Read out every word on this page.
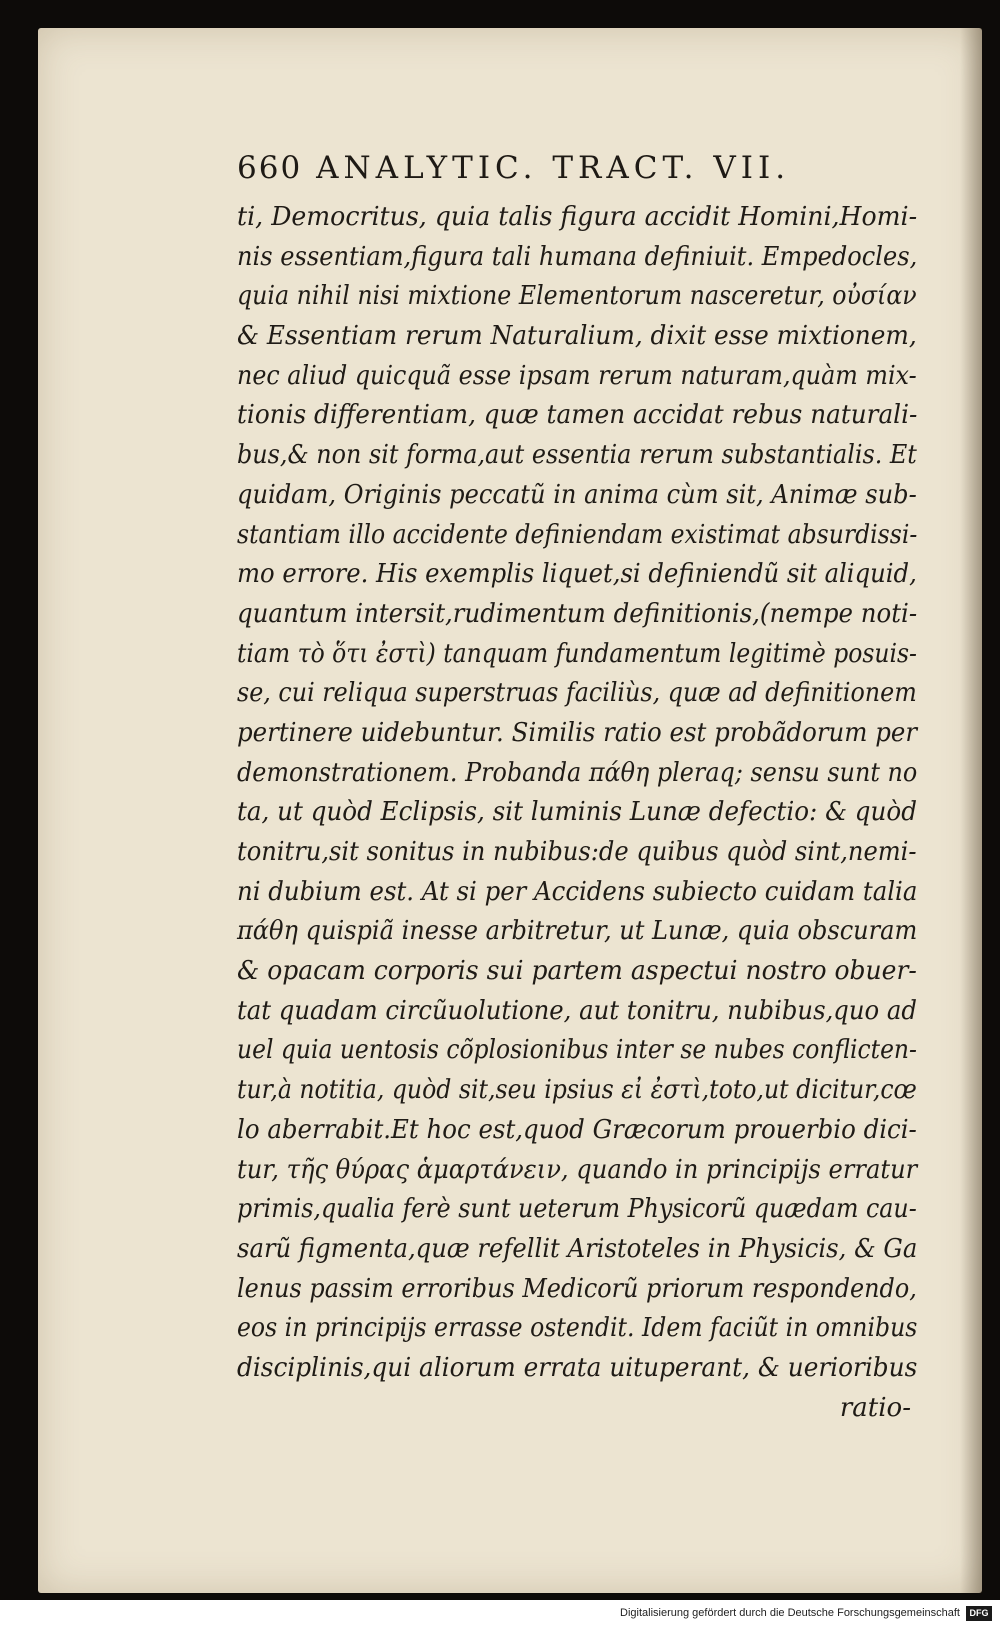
660 ANALYTIC. TRACT. VII.
ti, Democritus, quia talis figura accidit Homini,Homi-
nis essentiam,figura tali humana definiuit. Empedocles,
quia nihil nisi mixtione Elementorum nasceretur, οὐσίαν
& Essentiam rerum Naturalium, dixit esse mixtionem,
nec aliud quicquã esse ipsam rerum naturam,quàm mix-
tionis differentiam, quæ tamen accidat rebus naturali-
bus,& non sit forma,aut essentia rerum substantialis. Et
quidam, Originis peccatũ in anima cùm sit, Animæ sub-
stantiam illo accidente definiendam existimat absurdissi-
mo errore. His exemplis liquet,si definiendũ sit aliquid,
quantum intersit,rudimentum definitionis,(nempe noti-
tiam τὸ ὅτι ἐστὶ) tanquam fundamentum legitimè posuis-
se, cui reliqua superstruas faciliùs, quæ ad definitionem
pertinere uidebuntur. Similis ratio est probãdorum per
demonstrationem. Probanda πάθη pleraq; sensu sunt no
ta, ut quòd Eclipsis, sit luminis Lunæ defectio: & quòd
tonitru,sit sonitus in nubibus:de quibus quòd sint,nemi-
ni dubium est. At si per Accidens subiecto cuidam talia
πάθη quispiã inesse arbitretur, ut Lunæ, quia obscuram
& opacam corporis sui partem aspectui nostro obuer-
tat quadam circũuolutione, aut tonitru, nubibus,quo ad
uel quia uentosis cõplosionibus inter se nubes conflicten-
tur,à notitia, quòd sit,seu ipsius εἰ ἐστὶ,toto,ut dicitur,cœ
lo aberrabit.Et hoc est,quod Græcorum prouerbio dici-
tur, τῆς θύρας ἁμαρτάνειν, quando in principijs erratur
primis,qualia ferè sunt ueterum Physicorũ quædam cau-
sarũ figmenta,quæ refellit Aristoteles in Physicis, & Ga
lenus passim erroribus Medicorũ priorum respondendo,
eos in principijs errasse ostendit. Idem faciũt in omnibus
disciplinis,qui aliorum errata uituperant, & uerioribus
ratio-
Digitalisierung gefördert durch die Deutsche Forschungsgemeinschaft	DFG
